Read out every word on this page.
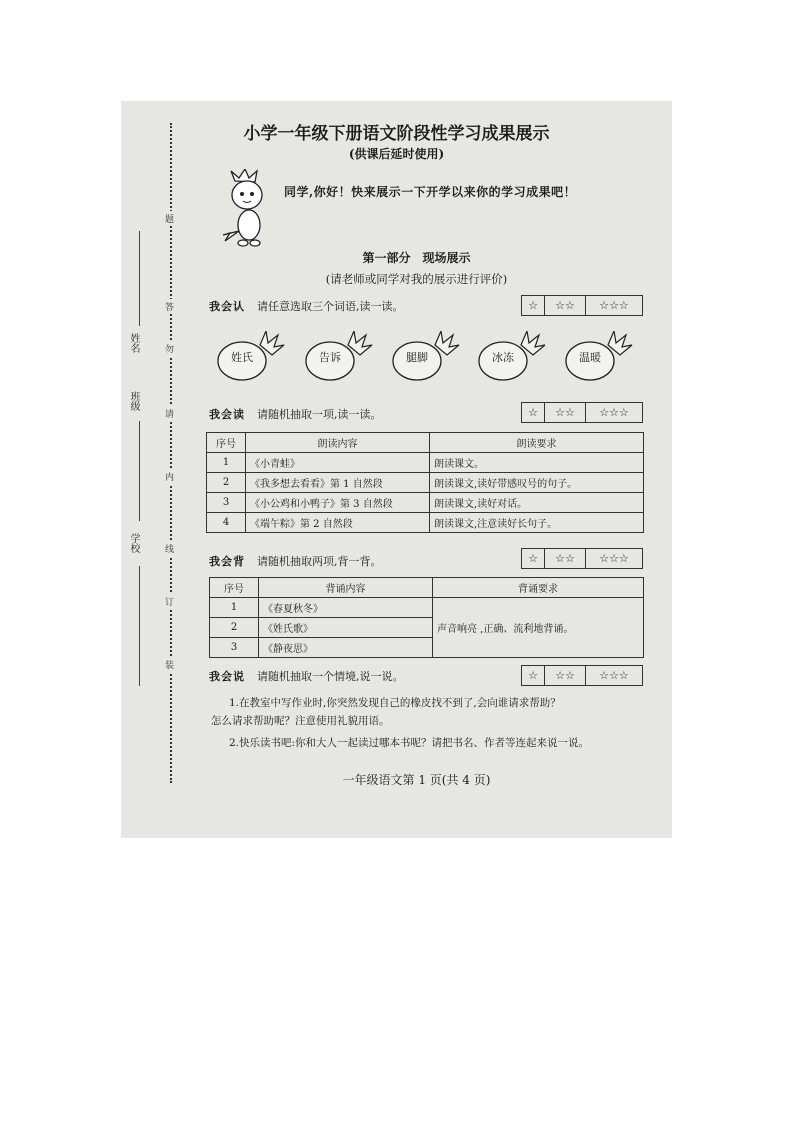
题
答
勿
请
内
线
订
装
姓名
班级
学校
小学一年级下册语文阶段性学习成果展示
(供课后延时使用)
同学,你好！快来展示一下开学以来你的学习成果吧！
第一部分　现场展示
(请老师或同学对我的展示进行评价)
我会认 请任意选取三个词语,读一读。	☆	☆☆	☆☆☆
姓氏	告诉	腿脚	冰冻	温暖
我会读 请随机抽取一项,读一读。	☆	☆☆	☆☆☆
序号	朗读内容	朗读要求
1	《小青蛙》	朗读课文。
2	《我多想去看看》第 1 自然段	朗读课文,读好带感叹号的句子。
3	《小公鸡和小鸭子》第 3 自然段	朗读课文,读好对话。
4	《端午粽》第 2 自然段	朗读课文,注意读好长句子。
我会背 请随机抽取两项,背一背。	☆	☆☆	☆☆☆
序号	背诵内容	背诵要求
1	《春夏秋冬》	声音响亮 ,正确、流利地背诵。
2	《姓氏歌》	
3	《静夜思》	
我会说 请随机抽取一个情境,说一说。	☆	☆☆	☆☆☆
1.在教室中写作业时,你突然发现自己的橡皮找不到了,会向谁请求帮助？
怎么请求帮助呢？注意使用礼貌用语。
2.快乐读书吧:你和大人一起读过哪本书呢？请把书名、作者等连起来说一说。
一年级语文第 1 页(共 4 页)
